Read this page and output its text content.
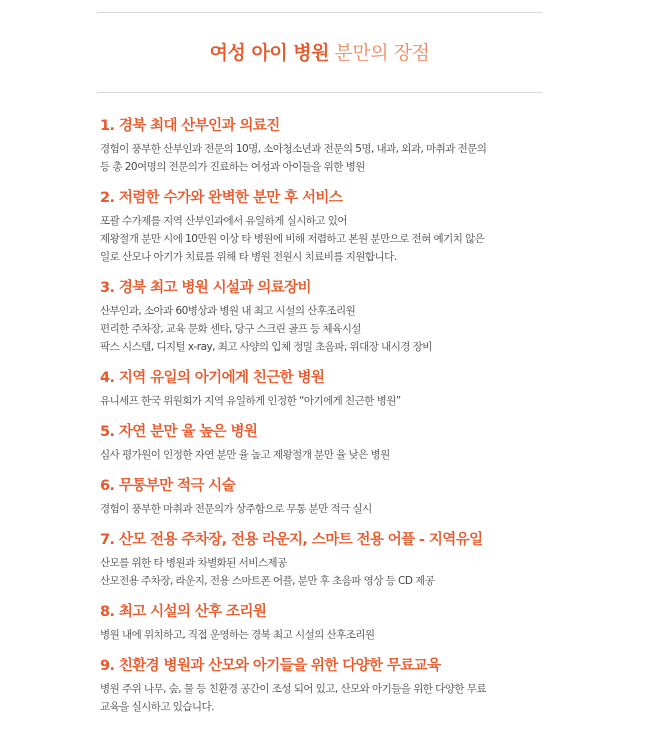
여성 아이 병원 분만의 장점
1. 경북 최대 산부인과 의료진

경험이 풍부한 산부인과 전문의 10명, 소아청소년과 전문의 5명, 내과, 외과, 마취과 전문의

등 총 20여명의 전문의가 진료하는 여성과 아이들을 위한 병원

2. 저렴한 수가와 완벽한 분만 후 서비스

포괄 수가제를 지역 산부인과에서 유일하게 실시하고 있어

제왕절개 분만 시에 10만원 이상 타 병원에 비해 저렴하고 본원 분만으로 전혀 예기치 않은

일로 산모나 아기가 치료를 위해 타 병원 전원시 치료비를 지원합니다.

3. 경북 최고 병원 시설과 의료장비

산부인과, 소아과 60병상과 병원 내 최고 시설의 산후조리원

편리한 주차장, 교육 문화 센타, 당구 스크린 골프 등 체육시설

팍스 시스템, 디지털 x-ray, 최고 사양의 입체 정밀 초음파, 위대장 내시경 장비

4. 지역 유일의 아기에게 친근한 병원

유니세프 한국 위원회가 지역 유일하게 인정한 “아기에게 친근한 병원”

5. 자연 분만 율 높은 병원

심사 평가원이 인정한 자연 분만 율 높고 제왕절개 분만 율 낮은 병원

6. 무통부만 적극 시술

경험이 풍부한 마취과 전문의가 상주함으로 무통 분만 적극 실시

7. 산모 전용 주차장, 전용 라운지, 스마트 전용 어플 - 지역유일

산모를 위한 타 병원과 차별화된 서비스제공

산모전용 주차장, 라운지, 전용 스마트폰 어플, 분만 후 초음파 영상 등 CD 제공

8. 최고 시설의 산후 조리원

병원 내에 위치하고, 직접 운영하는 경북 최고 시설의 산후조리원

9. 친환경 병원과 산모와 아기들을 위한 다양한 무료교육

병원 주위 나무, 숲, 물 등 친환경 공간이 조성 되어 있고, 산모와 아기들을 위한 다양한 무료

교육을 실시하고 있습니다.
